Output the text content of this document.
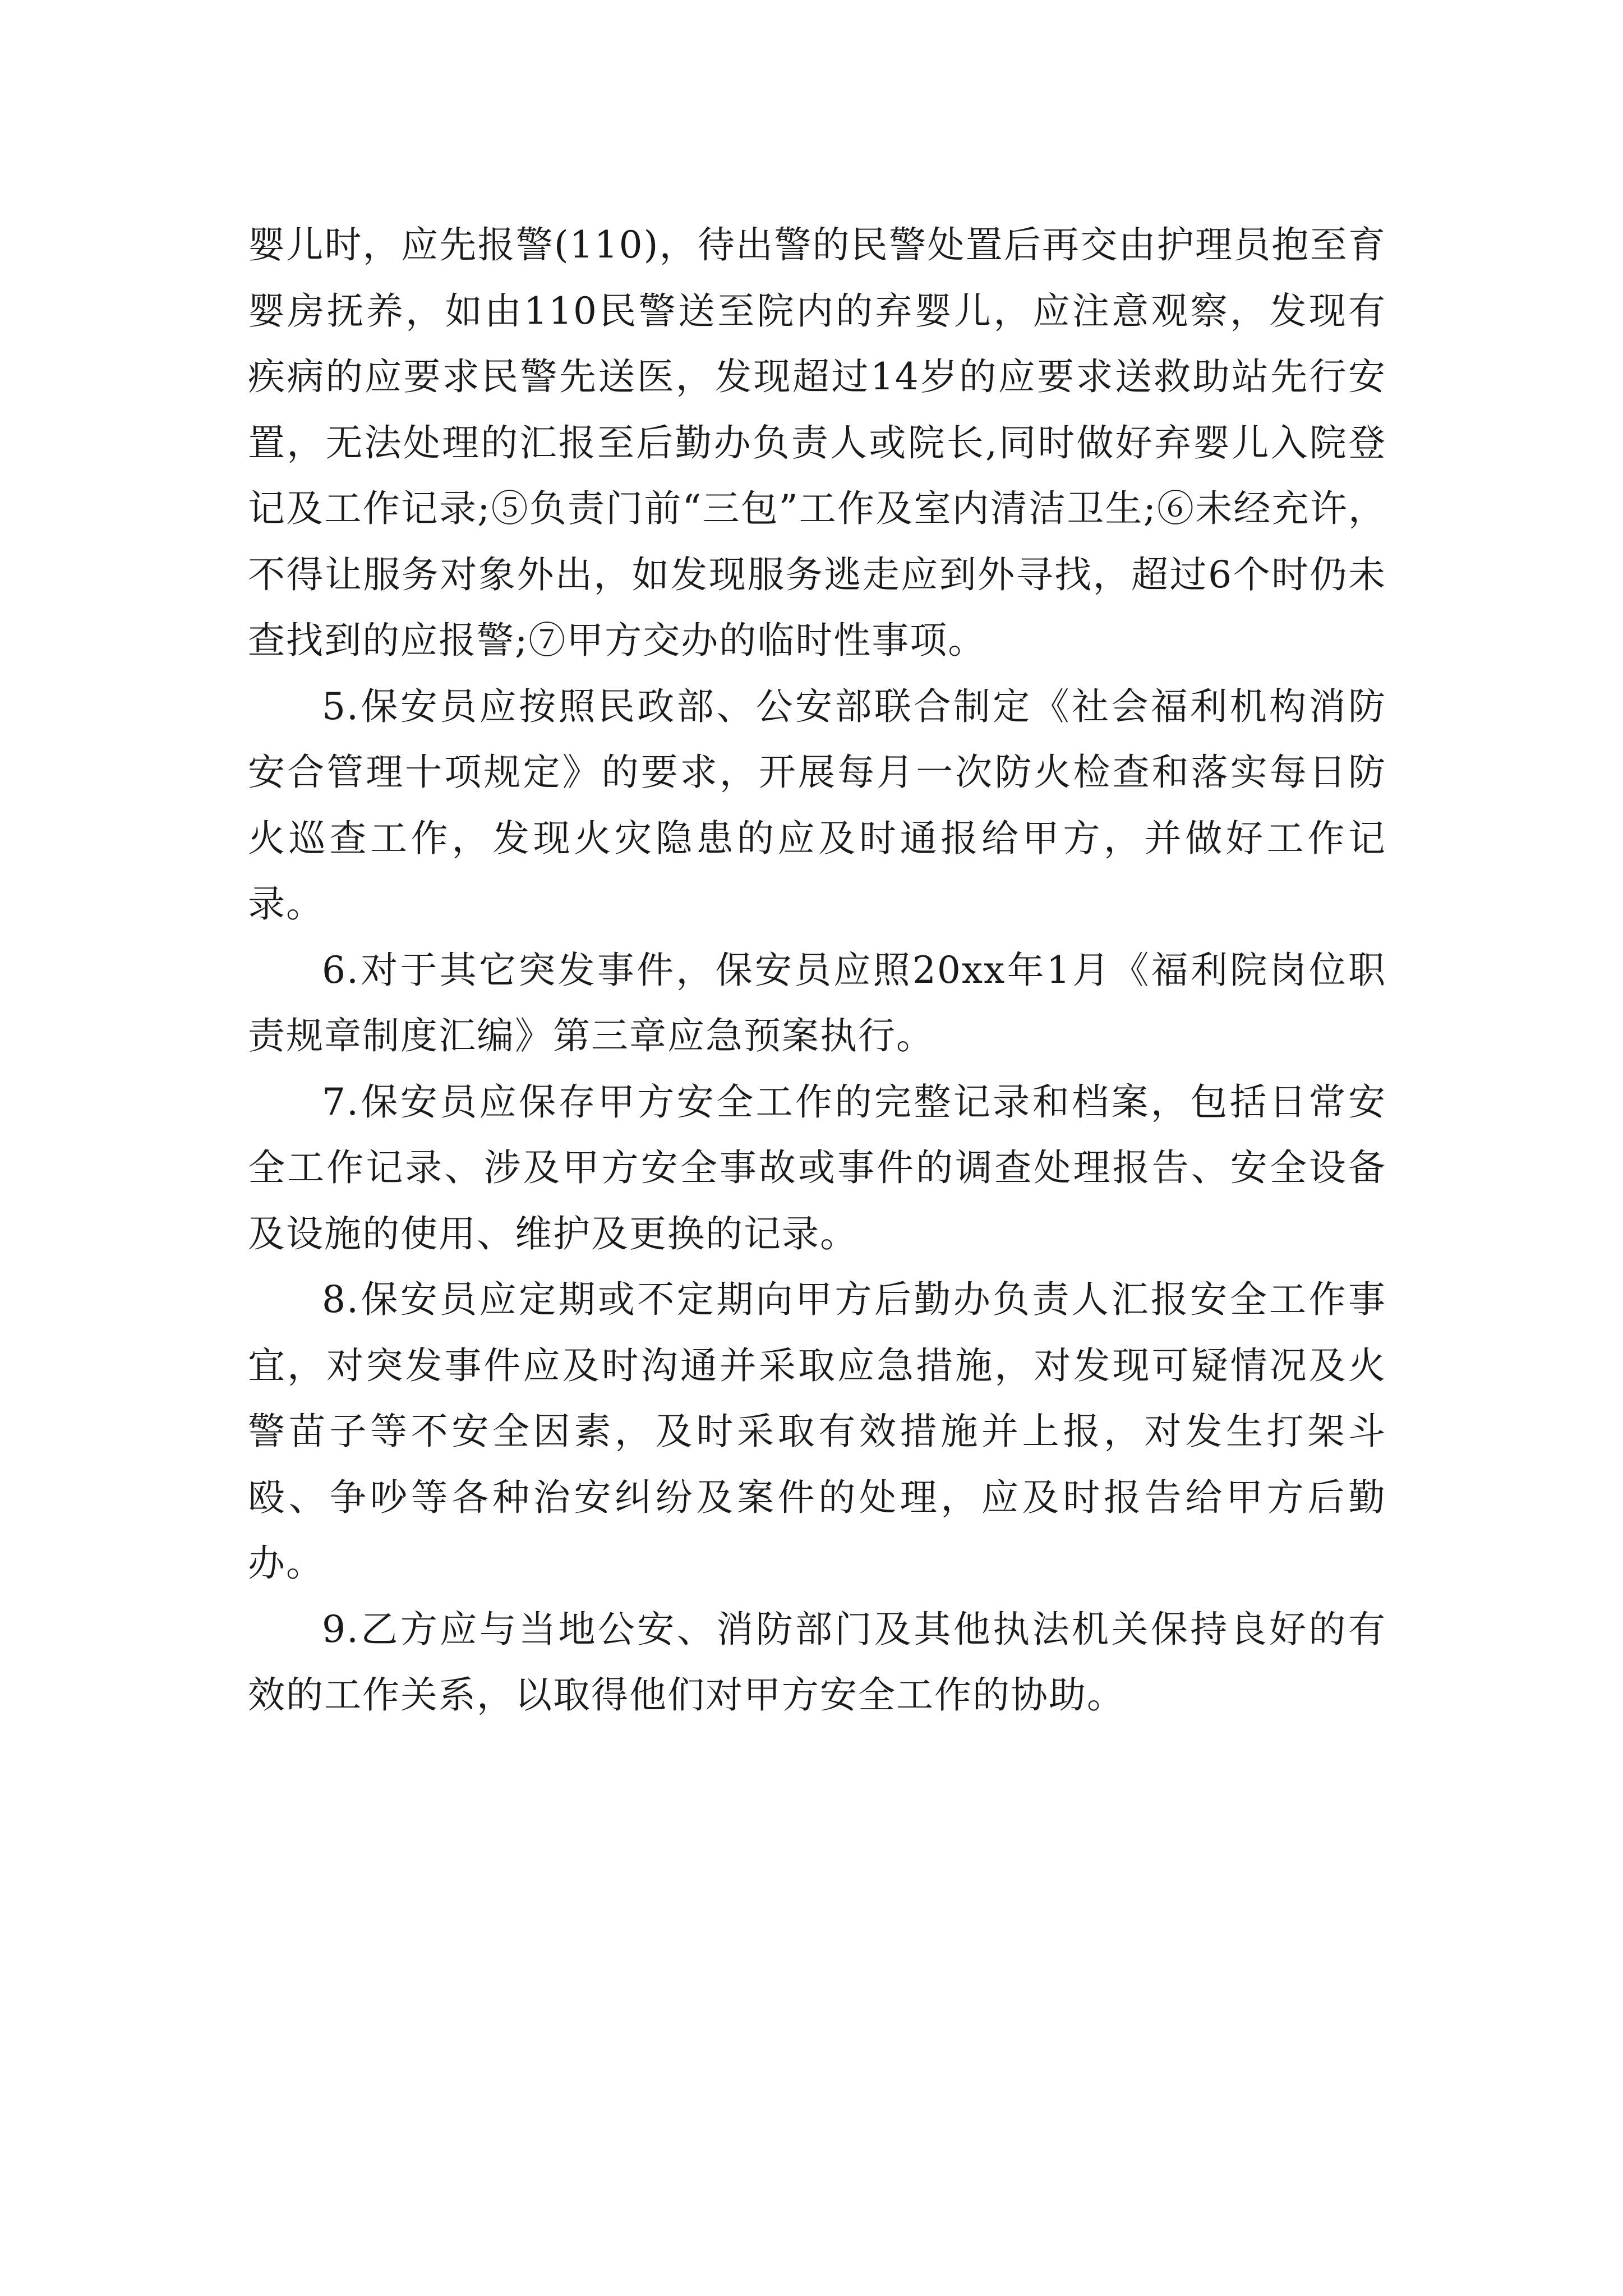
婴儿时，应先报警(110)，待出警的民警处置后再交由护理员抱至育婴房抚养，如由110民警送至院内的弃婴儿，应注意观察，发现有疾病的应要求民警先送医，发现超过14岁的应要求送救助站先行安置，无法处理的汇报至后勤办负责人或院长,同时做好弃婴儿入院登记及工作记录;⑤负责门前“三包”工作及室内清洁卫生;⑥未经充许，不得让服务对象外出，如发现服务逃走应到外寻找，超过6个时仍未查找到的应报警;⑦甲方交办的临时性事项。

5.保安员应按照民政部、公安部联合制定《社会福利机构消防安合管理十项规定》的要求，开展每月一次防火检查和落实每日防火巡查工作，发现火灾隐患的应及时通报给甲方，并做好工作记录。

6.对于其它突发事件，保安员应照20xx年1月《福利院岗位职责规章制度汇编》第三章应急预案执行。

7.保安员应保存甲方安全工作的完整记录和档案，包括日常安全工作记录、涉及甲方安全事故或事件的调查处理报告、安全设备及设施的使用、维护及更换的记录。

8.保安员应定期或不定期向甲方后勤办负责人汇报安全工作事宜，对突发事件应及时沟通并采取应急措施，对发现可疑情况及火警苗子等不安全因素，及时采取有效措施并上报，对发生打架斗殴、争吵等各种治安纠纷及案件的处理，应及时报告给甲方后勤办。

9.乙方应与当地公安、消防部门及其他执法机关保持良好的有效的工作关系，以取得他们对甲方安全工作的协助。
